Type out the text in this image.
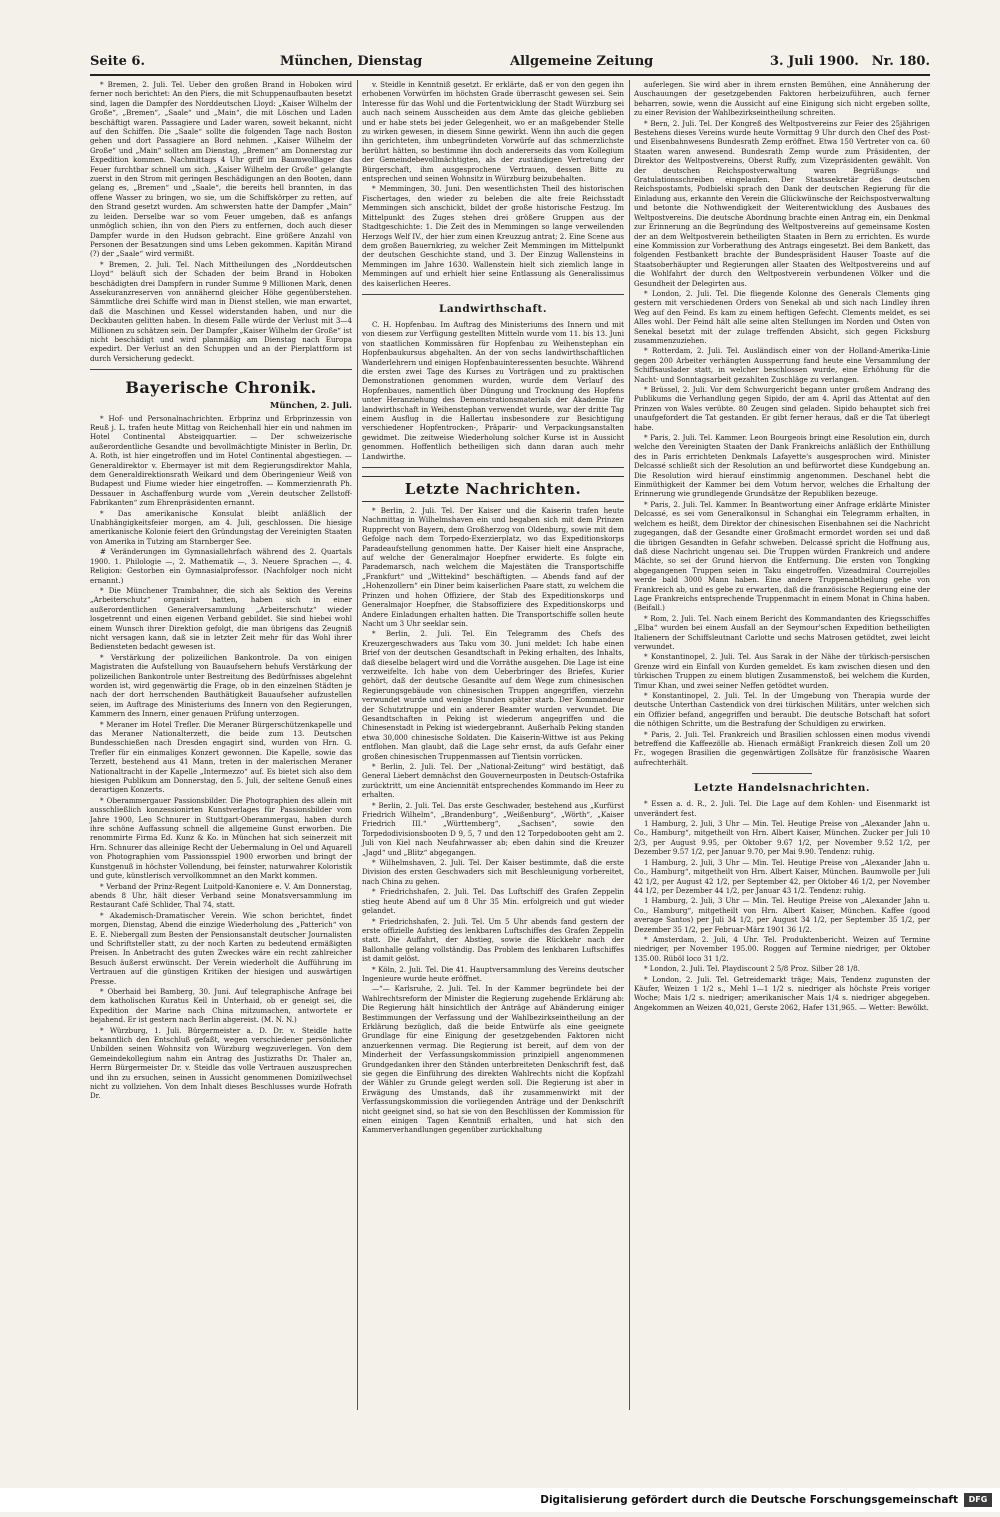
Seite 6.	München, Dienstag	Allgemeine Zeitung	3. Juli 1900. Nr. 180.

* Bremen, 2. Juli. Tel. Ueber den großen Brand in Hoboken wird ferner noch berichtet: An den Piers, die mit Schuppenaufbauten besetzt sind, lagen die Dampfer des Norddeutschen Lloyd: „Kaiser Wilhelm der Große“, „Bremen“, „Saale“ und „Main“, die mit Löschen und Laden beschäftigt waren. Passagiere und Lader waren, soweit bekannt, nicht auf den Schiffen. Die „Saale“ sollte die folgenden Tage nach Boston gehen und dort Passagiere an Bord nehmen. „Kaiser Wilhelm der Große“ und „Main“ sollten am Dienstag, „Bremen“ am Donnerstag zur Expedition kommen. Nachmittags 4 Uhr griff im Baumwolllager das Feuer furchtbar schnell um sich. „Kaiser Wilhelm der Große“ gelangte zuerst in den Strom mit geringen Beschädigungen an den Booten, dann gelang es, „Bremen“ und „Saale“, die bereits hell brannten, in das offene Wasser zu bringen, wo sie, um die Schiffskörper zu retten, auf den Strand gesetzt wurden. Am schwersten hatte der Dampfer „Main“ zu leiden. Derselbe war so vom Feuer umgeben, daß es anfangs unmöglich schien, ihn von den Piers zu entfernen, doch auch dieser Dampfer wurde in den Hudson gebracht. Eine größere Anzahl von Personen der Besatzungen sind ums Leben gekommen. Kapitän Mirand (?) der „Saale“ wird vermißt.

* Bremen, 2. Juli. Tel. Nach Mittheilungen des „Norddeutschen Lloyd“ beläuft sich der Schaden der beim Brand in Hoboken beschädigten drei Dampfern in runder Summe 9 Millionen Mark, denen Assekuranzreserven von annähernd gleicher Höhe gegenüberstehen. Sämmtliche drei Schiffe wird man in Dienst stellen, wie man erwartet, daß die Maschinen und Kessel widerstanden haben, und nur die Deckbauten gelitten haben. In diesem Falle würde der Verlust mit 3—4 Millionen zu schätzen sein. Der Dampfer „Kaiser Wilhelm der Große“ ist nicht beschädigt und wird planmäßig am Dienstag nach Europa expedirt. Der Verlust an den Schuppen und an der Pierplattform ist durch Versicherung gedeckt.

Bayerische Chronik.
München, 2. Juli.

* Hof- und Personalnachrichten. Erbprinz und Erbprinzessin von Reuß j. L. trafen heute Mittag von Reichenhall hier ein und nahmen im Hotel Continental Absteigquartier. — Der schweizerische außerordentliche Gesandte und bevollmächtigte Minister in Berlin, Dr. A. Roth, ist hier eingetroffen und im Hotel Continental abgestiegen. — Generaldirektor v. Ebermayer ist mit dem Regierungsdirektor Mahla, dem Generaldirektionsrath Weikard und dem Oberingenieur Weiß von Budapest und Fiume wieder hier eingetroffen. — Kommerzienrath Ph. Dessauer in Aschaffenburg wurde vom „Verein deutscher Zellstoff-Fabrikanten“ zum Ehrenpräsidenten ernannt.

* Das amerikanische Konsulat bleibt anläßlich der Unabhängigkeitsfeier morgen, am 4. Juli, geschlossen. Die hiesige amerikanische Kolonie feiert den Gründungstag der Vereinigten Staaten von Amerika in Tutzing am Starnberger See.

# Veränderungen im Gymnasiallehrfach während des 2. Quartals 1900. 1. Philologie —, 2. Mathematik —, 3. Neuere Sprachen —, 4. Religion: Gestorben ein Gymnasialprofessor. (Nachfolger noch nicht ernannt.)

* Die Münchener Trambahner, die sich als Sektion des Vereins „Arbeiterschutz“ organisirt hatten, haben sich in einer außerordentlichen Generalversammlung „Arbeiterschutz“ wieder losgetrennt und einen eigenen Verband gebildet. Sie sind hiebei wohl einem Wunsch ihrer Direktion gefolgt, die man übrigens das Zeugniß nicht versagen kann, daß sie in letzter Zeit mehr für das Wohl ihrer Bediensteten bedacht gewesen ist.

* Verstärkung der polizeilichen Bankontrole. Da von einigen Magistraten die Aufstellung von Bauaufsehern behufs Verstärkung der polizeilichen Bankontrole unter Bestreitung des Bedürfnisses abgelehnt worden ist, wird gegenwärtig die Frage, ob in den einzelnen Städten je nach der dort herrschenden Bauthätigkeit Bauaufseher aufzustellen seien, im Auftrage des Ministeriums des Innern von den Regierungen, Kammern des Innern, einer genauen Prüfung unterzogen.

* Meraner im Hotel Trefler. Die Meraner Bürgerschützenkapelle und das Meraner Nationalterzett, die beide zum 13. Deutschen Bundesschießen nach Dresden engagirt sind, wurden von Hrn. G. Trefler für ein einmaliges Konzert gewonnen. Die Kapelle, sowie das Terzett, bestehend aus 41 Mann, treten in der malerischen Meraner Nationaltracht in der Kapelle „Intermezzo“ auf. Es bietet sich also dem hiesigen Publikum am Donnerstag, den 5. Juli, der seltene Genuß eines derartigen Konzerts.

* Oberammergauer Passionsbilder. Die Photographien des allein mit ausschließlich konzessionirten Kunstverlages für Passionsbilder vom Jahre 1900, Leo Schnurer in Stuttgart-Oberammergau, haben durch ihre schöne Auffassung schnell die allgemeine Gunst erworben. Die renommirte Firma Ed. Kunz & Ko. in München hat sich seinerzeit mit Hrn. Schnurer das alleinige Recht der Uebermalung in Oel und Aquarell von Photographien vom Passionsspiel 1900 erworben und bringt der Kunstgenuß in höchster Vollendung, bei feinster, naturwahrer Koloristik und gute, künstlerisch vervollkommnet an den Markt kommen.

* Verband der Prinz-Regent Luitpold-Kanoniere e. V. Am Donnerstag, abends 8 Uhr, hält dieser Verband seine Monatsversammlung im Restaurant Café Schlider, Thal 74, statt.

* Akademisch-Dramatischer Verein. Wie schon berichtet, findet morgen, Dienstag, Abend die einzige Wiederholung des „Patterich“ von E. E. Niebergall zum Besten der Pensionsanstalt deutscher Journalisten und Schriftsteller statt, zu der noch Karten zu bedeutend ermäßigten Preisen. In Anbetracht des guten Zweckes wäre ein recht zahlreicher Besuch äußerst erwünscht. Der Verein wiederholt die Aufführung im Vertrauen auf die günstigen Kritiken der hiesigen und auswärtigen Presse.

* Oberhaid bei Bamberg, 30. Juni. Auf telegraphische Anfrage bei dem katholischen Kuratus Keil in Unterhaid, ob er geneigt sei, die Expedition der Marine nach China mitzumachen, antwortete er bejahend. Er ist gestern nach Berlin abgereist. (M. N. N.)

* Würzburg, 1. Juli. Bürgermeister a. D. Dr. v. Steidle hatte bekanntlich den Entschluß gefaßt, wegen verschiedener persönlicher Unbilden seinen Wohnsitz von Würzburg wegzuverlegen. Von dem Gemeindekollegium nahm ein Antrag des Justizraths Dr. Thaler an, Herrn Bürgermeister Dr. v. Steidle das volle Vertrauen auszusprechen und ihn zu ersuchen, seinen in Aussicht genommenen Domizilwechsel nicht zu vollziehen. Von dem Inhalt dieses Beschlusses wurde Hofrath Dr.

v. Steidle in Kenntniß gesetzt. Er erklärte, daß er von den gegen ihn erhobenen Vorwürfen im höchsten Grade überrascht gewesen sei. Sein Interesse für das Wohl und die Fortentwicklung der Stadt Würzburg sei auch nach seinem Ausscheiden aus dem Amte das gleiche geblieben und er habe stets bei jeder Gelegenheit, wo er an maßgebender Stelle zu wirken gewesen, in diesem Sinne gewirkt. Wenn ihn auch die gegen ihn gerichteten, ihm unbegründeten Vorwürfe auf das schmerzlichste berührt hätten, so bestimme ihn doch andererseits das vom Kollegium der Gemeindebevollmächtigten, als der zuständigen Vertretung der Bürgerschaft, ihm ausgesprochene Vertrauen, dessen Bitte zu entsprechen und seinen Wohnsitz in Würzburg beizubehalten.

* Memmingen, 30. Juni. Den wesentlichsten Theil des historischen Fischertages, den wieder zu beleben die alte freie Reichsstadt Memmingen sich anschickt, bildet der große historische Festzug. Im Mittelpunkt des Zuges stehen drei größere Gruppen aus der Stadtgeschichte: 1. Die Zeit des in Memmingen so lange verweilenden Herzogs Welf IV., der hier zum einen Kreuzzug antrat; 2. Eine Scene aus dem großen Bauernkrieg, zu welcher Zeit Memmingen im Mittelpunkt der deutschen Geschichte stand, und 3. Der Einzug Wallensteins in Memmingen im Jahre 1630. Wallenstein hielt sich ziemlich lange in Memmingen auf und erhielt hier seine Entlassung als Generalissimus des kaiserlichen Heeres.

Landwirthschaft.

C. H. Hopfenbau. Im Auftrag des Ministeriums des Innern und mit von diesem zur Verfügung gestellten Mitteln wurde vom 11. bis 13. Juni von staatlichen Kommissären für Hopfenbau zu Weihenstephan ein Hopfenbaukursus abgehalten. An der von sechs landwirthschaftlichen Wanderlehrern und einigen Hopfenbauinteressenten besuchte. Während die ersten zwei Tage des Kurses zu Vorträgen und zu praktischen Demonstrationen genommen wurden, wurde dem Verlauf des Hopfenbaues, namentlich über Düngung und Trocknung des Hopfens unter Heranziehung des Demonstrationsmaterials der Akademie für landwirthschaft in Weihenstephan verwendet wurde, war der dritte Tag einem Ausflug in die Hallertau insbesondere zur Besichtigung verschiedener Hopfentrocken-, Präparir- und Verpackungsanstalten gewidmet. Die zeitweise Wiederholung solcher Kurse ist in Aussicht genommen. Hoffentlich betheiligen sich dann daran auch mehr Landwirthe.

Letzte Nachrichten.

* Berlin, 2. Juli. Tel. Der Kaiser und die Kaiserin trafen heute Nachmittag in Wilhelmshaven ein und begaben sich mit dem Prinzen Rupprecht von Bayern, dem Großherzog von Oldenburg, sowie mit dem Gefolge nach dem Torpedo-Exerzierplatz, wo das Expeditionskorps Paradeaufstellung genommen hatte. Der Kaiser hielt eine Ansprache, auf welche der Generalmajor Hoepfner erwiderte. Es folgte ein Parademarsch, nach welchem die Majestäten die Transportschiffe „Frankfurt“ und „Wittekind“ beschäftigten. — Abends fand auf der „Hohenzollern“ ein Diner beim kaiserlichen Paare statt, zu welchem die Prinzen und hohen Offiziere, der Stab des Expeditionskorps und Generalmajor Hoepfner, die Stabsoffiziere des Expeditionskorps und Andere Einladungen erhalten hatten. Die Transportschiffe sollen heute Nacht um 3 Uhr seeklar sein.

* Berlin, 2. Juli. Tel. Ein Telegramm des Chefs des Kreuzergeschwaders aus Taku vom 30. Juni meldet: Ich habe einen Brief von der deutschen Gesandtschaft in Peking erhalten, des Inhalts, daß dieselbe belagert wird und die Vorräthe ausgehen. Die Lage ist eine verzweifelte. Ich habe von dem Ueberbringer des Briefes, Kurier gehört, daß der deutsche Gesandte auf dem Wege zum chinesischen Regierungsgebäude von chinesischen Truppen angegriffen, vierzehn verwundet wurde und wenige Stunden später starb. Der Kommandeur der Schutztruppe und ein anderer Beamter wurden verwundet. Die Gesandtschaften in Peking ist wiederum angegriffen und die Chinesenstadt in Peking ist wiedergebrannt. Außerhalb Peking standen etwa 30,000 chinesische Soldaten. Die Kaiserin-Wittwe ist aus Peking entflohen. Man glaubt, daß die Lage sehr ernst, da aufs Gefahr einer großen chinesischen Truppenmassen auf Tientsin vorrücken.

* Berlin, 2. Juli. Tel. Der „National-Zeitung“ wird bestätigt, daß General Liebert demnächst den Gouverneurposten in Deutsch-Ostafrika zurücktritt, um eine Anciennität entsprechendes Kommando im Heer zu erhalten.

* Berlin, 2. Juli. Tel. Das erste Geschwader, bestehend aus „Kurfürst Friedrich Wilhelm“, „Brandenburg“, „Weißenburg“, „Wörth“, „Kaiser Friedrich III.“ „Württemberg“, „Sachsen“, sowie den Torpedodivisionsbooten D 9, 5, 7 und den 12 Torpedobooten geht am 2. Juli von Kiel nach Neufahrwasser ab; eben dahin sind die Kreuzer „Jagd“ und „Blitz“ abgegangen.

* Wilhelmshaven, 2. Juli. Tel. Der Kaiser bestimmte, daß die erste Division des ersten Geschwaders sich mit Beschleunigung vorbereitet, nach China zu gehen.

* Friedrichshafen, 2. Juli. Tel. Das Luftschiff des Grafen Zeppelin stieg heute Abend auf um 8 Uhr 35 Min. erfolgreich und gut wieder gelandet.

* Friedrichshafen, 2. Juli. Tel. Um 5 Uhr abends fand gestern der erste offizielle Aufstieg des lenkbaren Luftschiffes des Grafen Zeppelin statt. Die Auffahrt, der Abstieg, sowie die Rückkehr nach der Ballonhalle gelang vollständig. Das Problem des lenkbaren Luftschiffes ist damit gelöst.

* Köln, 2. Juli. Tel. Die 41. Hauptversammlung des Vereins deutscher Ingenieure wurde heute eröffnet.

—“— Karlsruhe, 2. Juli. Tel. In der Kammer begründete bei der Wahlrechtsreform der Minister die Regierung zugehende Erklärung ab: Die Regierung hält hinsichtlich der Anträge auf Abänderung einiger Bestimmungen der Verfassung und der Wahlbezirkseintheilung an der Erklärung bezüglich, daß die beide Entwürfe als eine geeignete Grundlage für eine Einigung der gesetzgebenden Faktoren nicht anzuerkennen vermag. Die Regierung ist bereit, auf dem von der Minderheit der Verfassungskommission prinzipiell angenommenen Grundgedanken ihrer den Ständen unterbreiteten Denkschrift fest, daß sie gegen die Einführung des direkten Wahlrechts nicht die Kopfzahl der Wähler zu Grunde gelegt werden soll. Die Regierung ist aber in Erwägung des Umstands, daß ihr zusammenwirkt mit der Verfassungskommission die vorliegenden Anträge und der Denkschrift nicht geeignet sind, so hat sie von den Beschlüssen der Kommission für einen einigen Tagen Kenntniß erhalten, und hat sich den Kammerverhandlungen gegenüber zurückhaltung

auferlegen. Sie wird aber in ihrem ernsten Bemühen, eine Annäherung der Auschauungen der gesetzgebenden Faktoren herbeizuführen, auch ferner beharren, sowie, wenn die Aussicht auf eine Einigung sich nicht ergeben sollte, zu einer Revision der Wahlbezirkseintheilung schreiten.

* Bern, 2. Juli. Tel. Der Kongreß des Weltpostvereins zur Feier des 25jährigen Bestehens dieses Vereins wurde heute Vormittag 9 Uhr durch den Chef des Post- und Eisenbahnwesens Bundesrath Zemp eröffnet. Etwa 150 Vertreter von ca. 60 Staaten waren anwesend. Bundesrath Zemp wurde zum Präsidenten, der Direktor des Weltpostvereins, Oberst Ruffy, zum Vizepräsidenten gewählt. Von der deutschen Reichspostverwaltung waren Begrüßungs- und Gratulationsschreiben eingelaufen. Der Staatssekretär des deutschen Reichspostamts, Podbielski sprach den Dank der deutschen Regierung für die Einladung aus, erkannte den Verein die Glückwünsche der Reichspostverwaltung und betonte die Nothwendigkeit der Weiterentwicklung des Ausbaues des Weltpostvereins. Die deutsche Abordnung brachte einen Antrag ein, ein Denkmal zur Erinnerung an die Begründung des Weltpostvereins auf gemeinsame Kosten der an dem Weltpostverein betheiligten Staaten in Bern zu errichten. Es wurde eine Kommission zur Vorberathung des Antrags eingesetzt. Bei dem Bankett, das folgenden Festbankett brachte der Bundespräsident Hauser Toaste auf die Staatsoberhäupter und Regierungen aller Staaten des Weltpostvereins und auf die Wohlfahrt der durch den Weltpostverein verbundenen Völker und die Gesundheit der Delegirten aus.

* London, 2. Juli. Tel. Die fliegende Kolonne des Generals Clements ging gestern mit verschiedenen Orders von Senekal ab und sich nach Lindley ihren Weg auf den Feind. Es kam zu einem heftigen Gefecht. Clements meldet, es sei Alles wohl. Der Feind hält alle seine alten Stellungen im Norden und Osten von Senekal besetzt mit der zulage treffenden Absicht, sich gegen Ficksburg zusammenzuziehen.

* Rotterdam, 2. Juli. Tel. Ausländisch einer von der Holland-Amerika-Linie gegen 200 Arbeiter verhängten Aussperrung fand heute eine Versammlung der Schiffsauslader statt, in welcher beschlossen wurde, eine Erhöhung für die Nacht- und Sonntagsarbeit gezahlten Zuschläge zu verlangen.

* Brüssel, 2. Juli. Vor dem Schwurgericht begann unter großem Andrang des Publikums die Verhandlung gegen Sipido, der am 4. April das Attentat auf den Prinzen von Wales verübte. 80 Zeugen sind geladen. Sipido behauptet sich frei unaufgefordert die Tat gestanden. Er gibt ferner heraus, daß er die Tat überlegt habe.

* Paris, 2. Juli. Tel. Kammer. Leon Bourgeois bringt eine Resolution ein, durch welche den Vereinigten Staaten der Dank Frankreichs anläßlich der Enthüllung des in Paris errichteten Denkmals Lafayette's ausgesprochen wird. Minister Delcassé schließt sich der Resolution an und befürwortet diese Kundgebung an. Die Resolution wird hierauf einstimmig angenommen. Deschanel hebt die Einmüthigkeit der Kammer bei dem Votum hervor, welches die Erhaltung der Erinnerung wie grundlegende Grundsätze der Republiken bezeuge.

* Paris, 2. Juli. Tel. Kammer. In Beantwortung einer Anfrage erklärte Minister Delcassé, es sei vom Generalkonsul in Schanghai ein Telegramm erhalten, in welchem es heißt, dem Direktor der chinesischen Eisenbahnen sei die Nachricht zugegangen, daß der Gesandte einer Großmacht ermordet worden sei und daß die übrigen Gesandten in Gefahr schweben. Delcassé spricht die Hoffnung aus, daß diese Nachricht ungenau sei. Die Truppen würden Frankreich und andere Mächte, so sei der Grund hiervon die Entfernung. Die ersten von Tongking abgegangenen Truppen seien in Taku eingetroffen. Vizeadmiral Courrejolles werde bald 3000 Mann haben. Eine andere Truppenabtheilung gehe von Frankreich ab, und es gebe zu erwarten, daß die französische Regierung eine der Lage Frankreichs entsprechende Truppenmacht in einem Monat in China haben. (Beifall.)

* Rom, 2. Juli. Tel. Nach einem Bericht des Kommandanten des Kriegsschiffes „Elba“ wurden bei einem Ausfall an der Seymour'schen Expedition betheiligten Italienern der Schiffsleutnant Carlotte und sechs Matrosen getödtet, zwei leicht verwundet.

* Konstantinopel, 2. Juli. Tel. Aus Sarak in der Nähe der türkisch-persischen Grenze wird ein Einfall von Kurden gemeldet. Es kam zwischen diesen und den türkischen Truppen zu einem blutigen Zusammenstoß, bei welchem die Kurden, Timur Khan, und zwei seiner Neffen getödtet wurden.

* Konstantinopel, 2. Juli. Tel. In der Umgebung von Therapia wurde der deutsche Unterthan Castendick von drei türkischen Militärs, unter welchen sich ein Offizier befand, angegriffen und beraubt. Die deutsche Botschaft hat sofort die nöthigen Schritte, um die Bestrafung der Schuldigen zu erwirken.

* Paris, 2. Juli. Tel. Frankreich und Brasilien schlossen einen modus vivendi betreffend die Kaffeezölle ab. Hienach ermäßigt Frankreich diesen Zoll um 20 Fr., wogegen Brasilien die gegenwärtigen Zollsätze für französische Waaren aufrechterhält.

Letzte Handelsnachrichten.

* Essen a. d. R., 2. Juli. Tel. Die Lage auf dem Kohlen- und Eisenmarkt ist unverändert fest.

1 Hamburg, 2. Juli, 3 Uhr — Min. Tel. Heutige Preise von „Alexander Jahn u. Co., Hamburg“, mitgetheilt von Hrn. Albert Kaiser, München. Zucker per Juli 10 2/3, per August 9.95, per Oktober 9.67 1/2, per November 9.52 1/2, per Dezember 9.57 1/2, per Januar 9.70, per Mai 9.90. Tendenz: ruhig.

1 Hamburg, 2. Juli, 3 Uhr — Min. Tel. Heutige Preise von „Alexander Jahn u. Co., Hamburg“, mitgetheilt von Hrn. Albert Kaiser, München. Baumwolle per Juli 42 1/2, per August 42 1/2, per September 42, per Oktober 46 1/2, per November 44 1/2, per Dezember 44 1/2, per Januar 43 1/2. Tendenz: ruhig.

1 Hamburg, 2. Juli, 3 Uhr — Min. Tel. Heutige Preise von „Alexander Jahn u. Co., Hamburg“, mitgetheilt von Hrn. Albert Kaiser, München. Kaffee (good average Santos) per Juli 34 1/2, per August 34 1/2, per September 35 1/2, per Dezember 35 1/2, per Februar-März 1901 36 1/2.

* Amsterdam, 2. Juli, 4 Uhr. Tel. Produktenbericht. Weizen auf Termine niedriger, per November 195.00. Roggen auf Termine niedriger, per Oktober 135.00. Rüböl loco 31 1/2.

* London, 2. Juli. Tel. Playdiscount 2 5/8 Proz. Silber 28 1/8.

* London, 2. Juli. Tel. Getreidemarkt träge; Mais, Tendenz zugunsten der Käufer, Weizen 1 1/2 s., Mehl 1—1 1/2 s. niedriger als höchste Preis voriger Woche; Mais 1/2 s. niedriger; amerikanischer Mais 1/4 s. niedriger abgegeben. Angekommen an Weizen 40,021, Gerste 2062, Hafer 131,965. — Wetter: Bewölkt.

Digitalisierung gefördert durch die Deutsche Forschungsgemeinschaft	DFG
